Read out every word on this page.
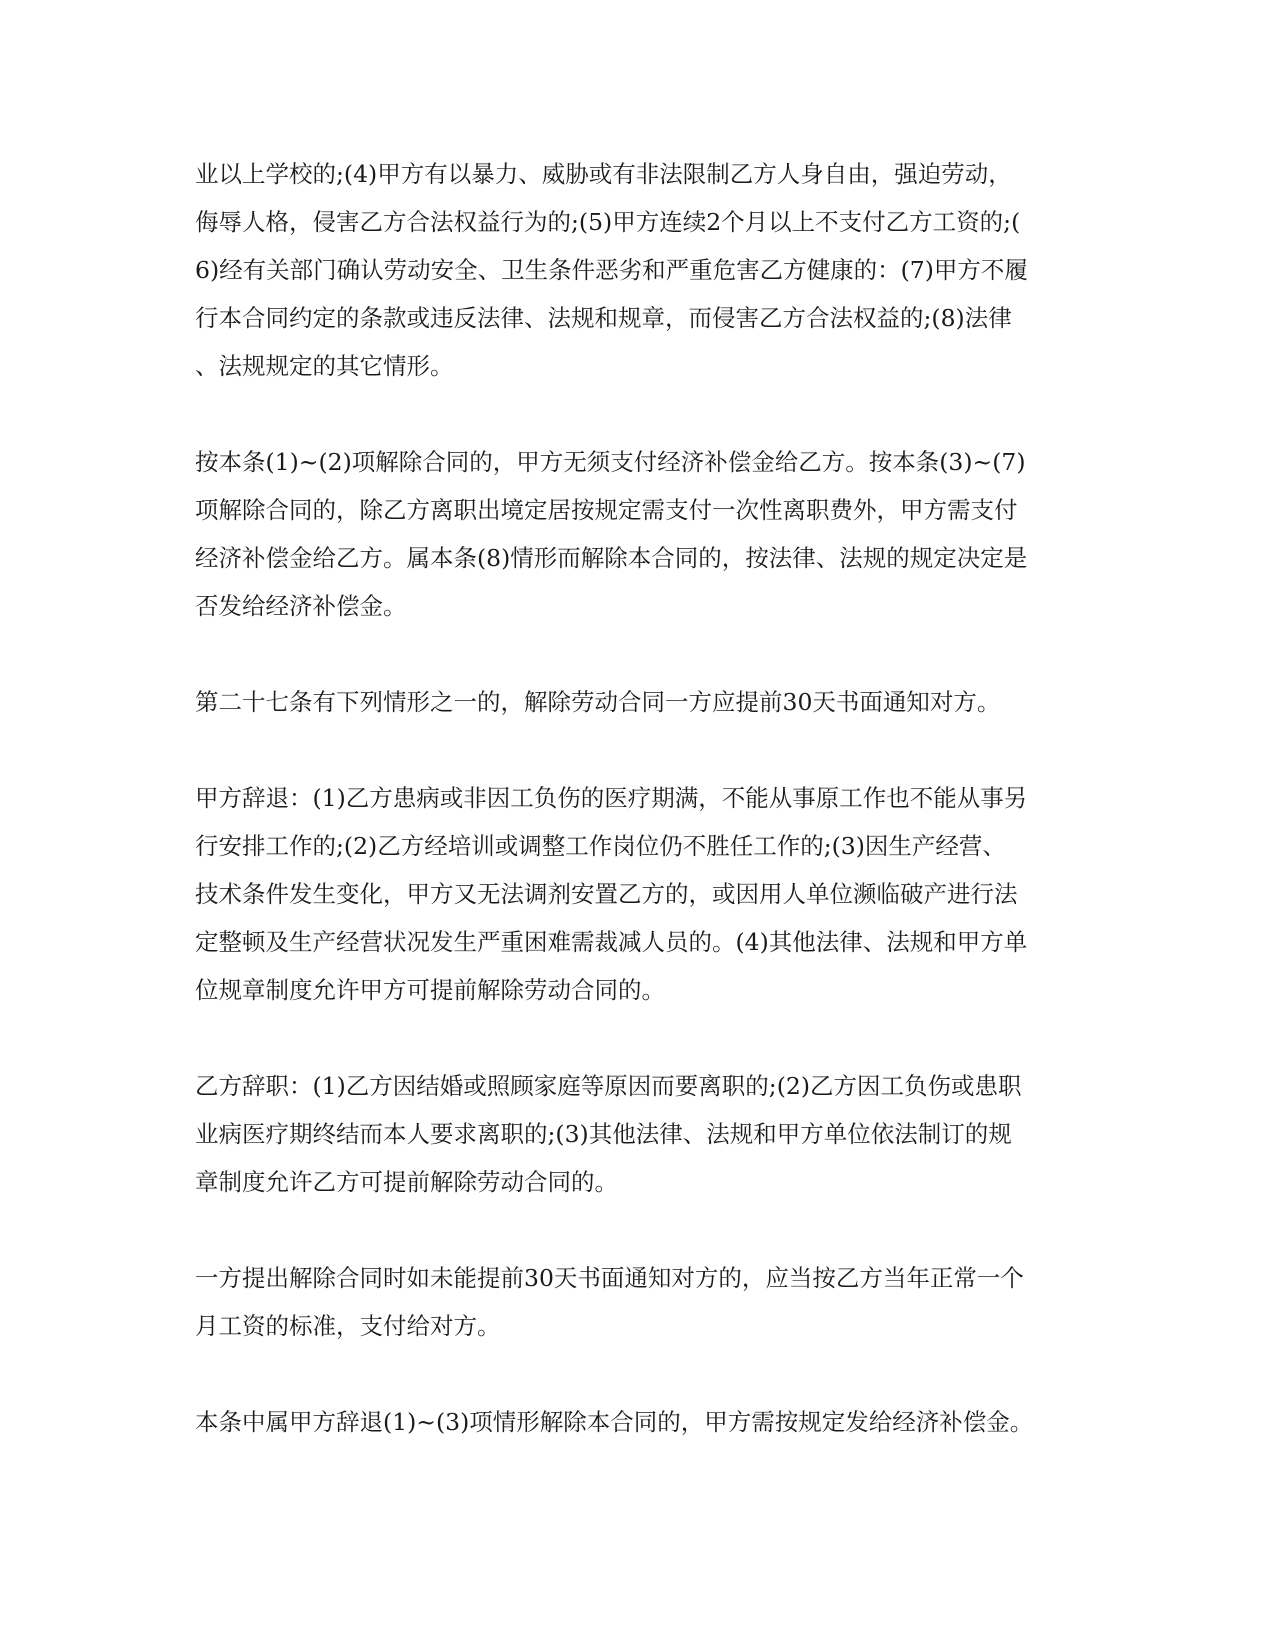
业以上学校的;(4)甲方有以暴力、威胁或有非法限制乙方人身自由，强迫劳动，
侮辱人格，侵害乙方合法权益行为的;(5)甲方连续2个月以上不支付乙方工资的;(
6)经有关部门确认劳动安全、卫生条件恶劣和严重危害乙方健康的：(7)甲方不履
行本合同约定的条款或违反法律、法规和规章，而侵害乙方合法权益的;(8)法律
、法规规定的其它情形。
按本条(1)~(2)项解除合同的，甲方无须支付经济补偿金给乙方。按本条(3)~(7)
项解除合同的，除乙方离职出境定居按规定需支付一次性离职费外，甲方需支付
经济补偿金给乙方。属本条(8)情形而解除本合同的，按法律、法规的规定决定是
否发给经济补偿金。
第二十七条有下列情形之一的，解除劳动合同一方应提前30天书面通知对方。
甲方辞退：(1)乙方患病或非因工负伤的医疗期满，不能从事原工作也不能从事另
行安排工作的;(2)乙方经培训或调整工作岗位仍不胜任工作的;(3)因生产经营、
技术条件发生变化，甲方又无法调剂安置乙方的，或因用人单位濒临破产进行法
定整顿及生产经营状况发生严重困难需裁减人员的。(4)其他法律、法规和甲方单
位规章制度允许甲方可提前解除劳动合同的。
乙方辞职：(1)乙方因结婚或照顾家庭等原因而要离职的;(2)乙方因工负伤或患职
业病医疗期终结而本人要求离职的;(3)其他法律、法规和甲方单位依法制订的规
章制度允许乙方可提前解除劳动合同的。
一方提出解除合同时如未能提前30天书面通知对方的，应当按乙方当年正常一个
月工资的标准，支付给对方。
本条中属甲方辞退(1)~(3)项情形解除本合同的，甲方需按规定发给经济补偿金。
